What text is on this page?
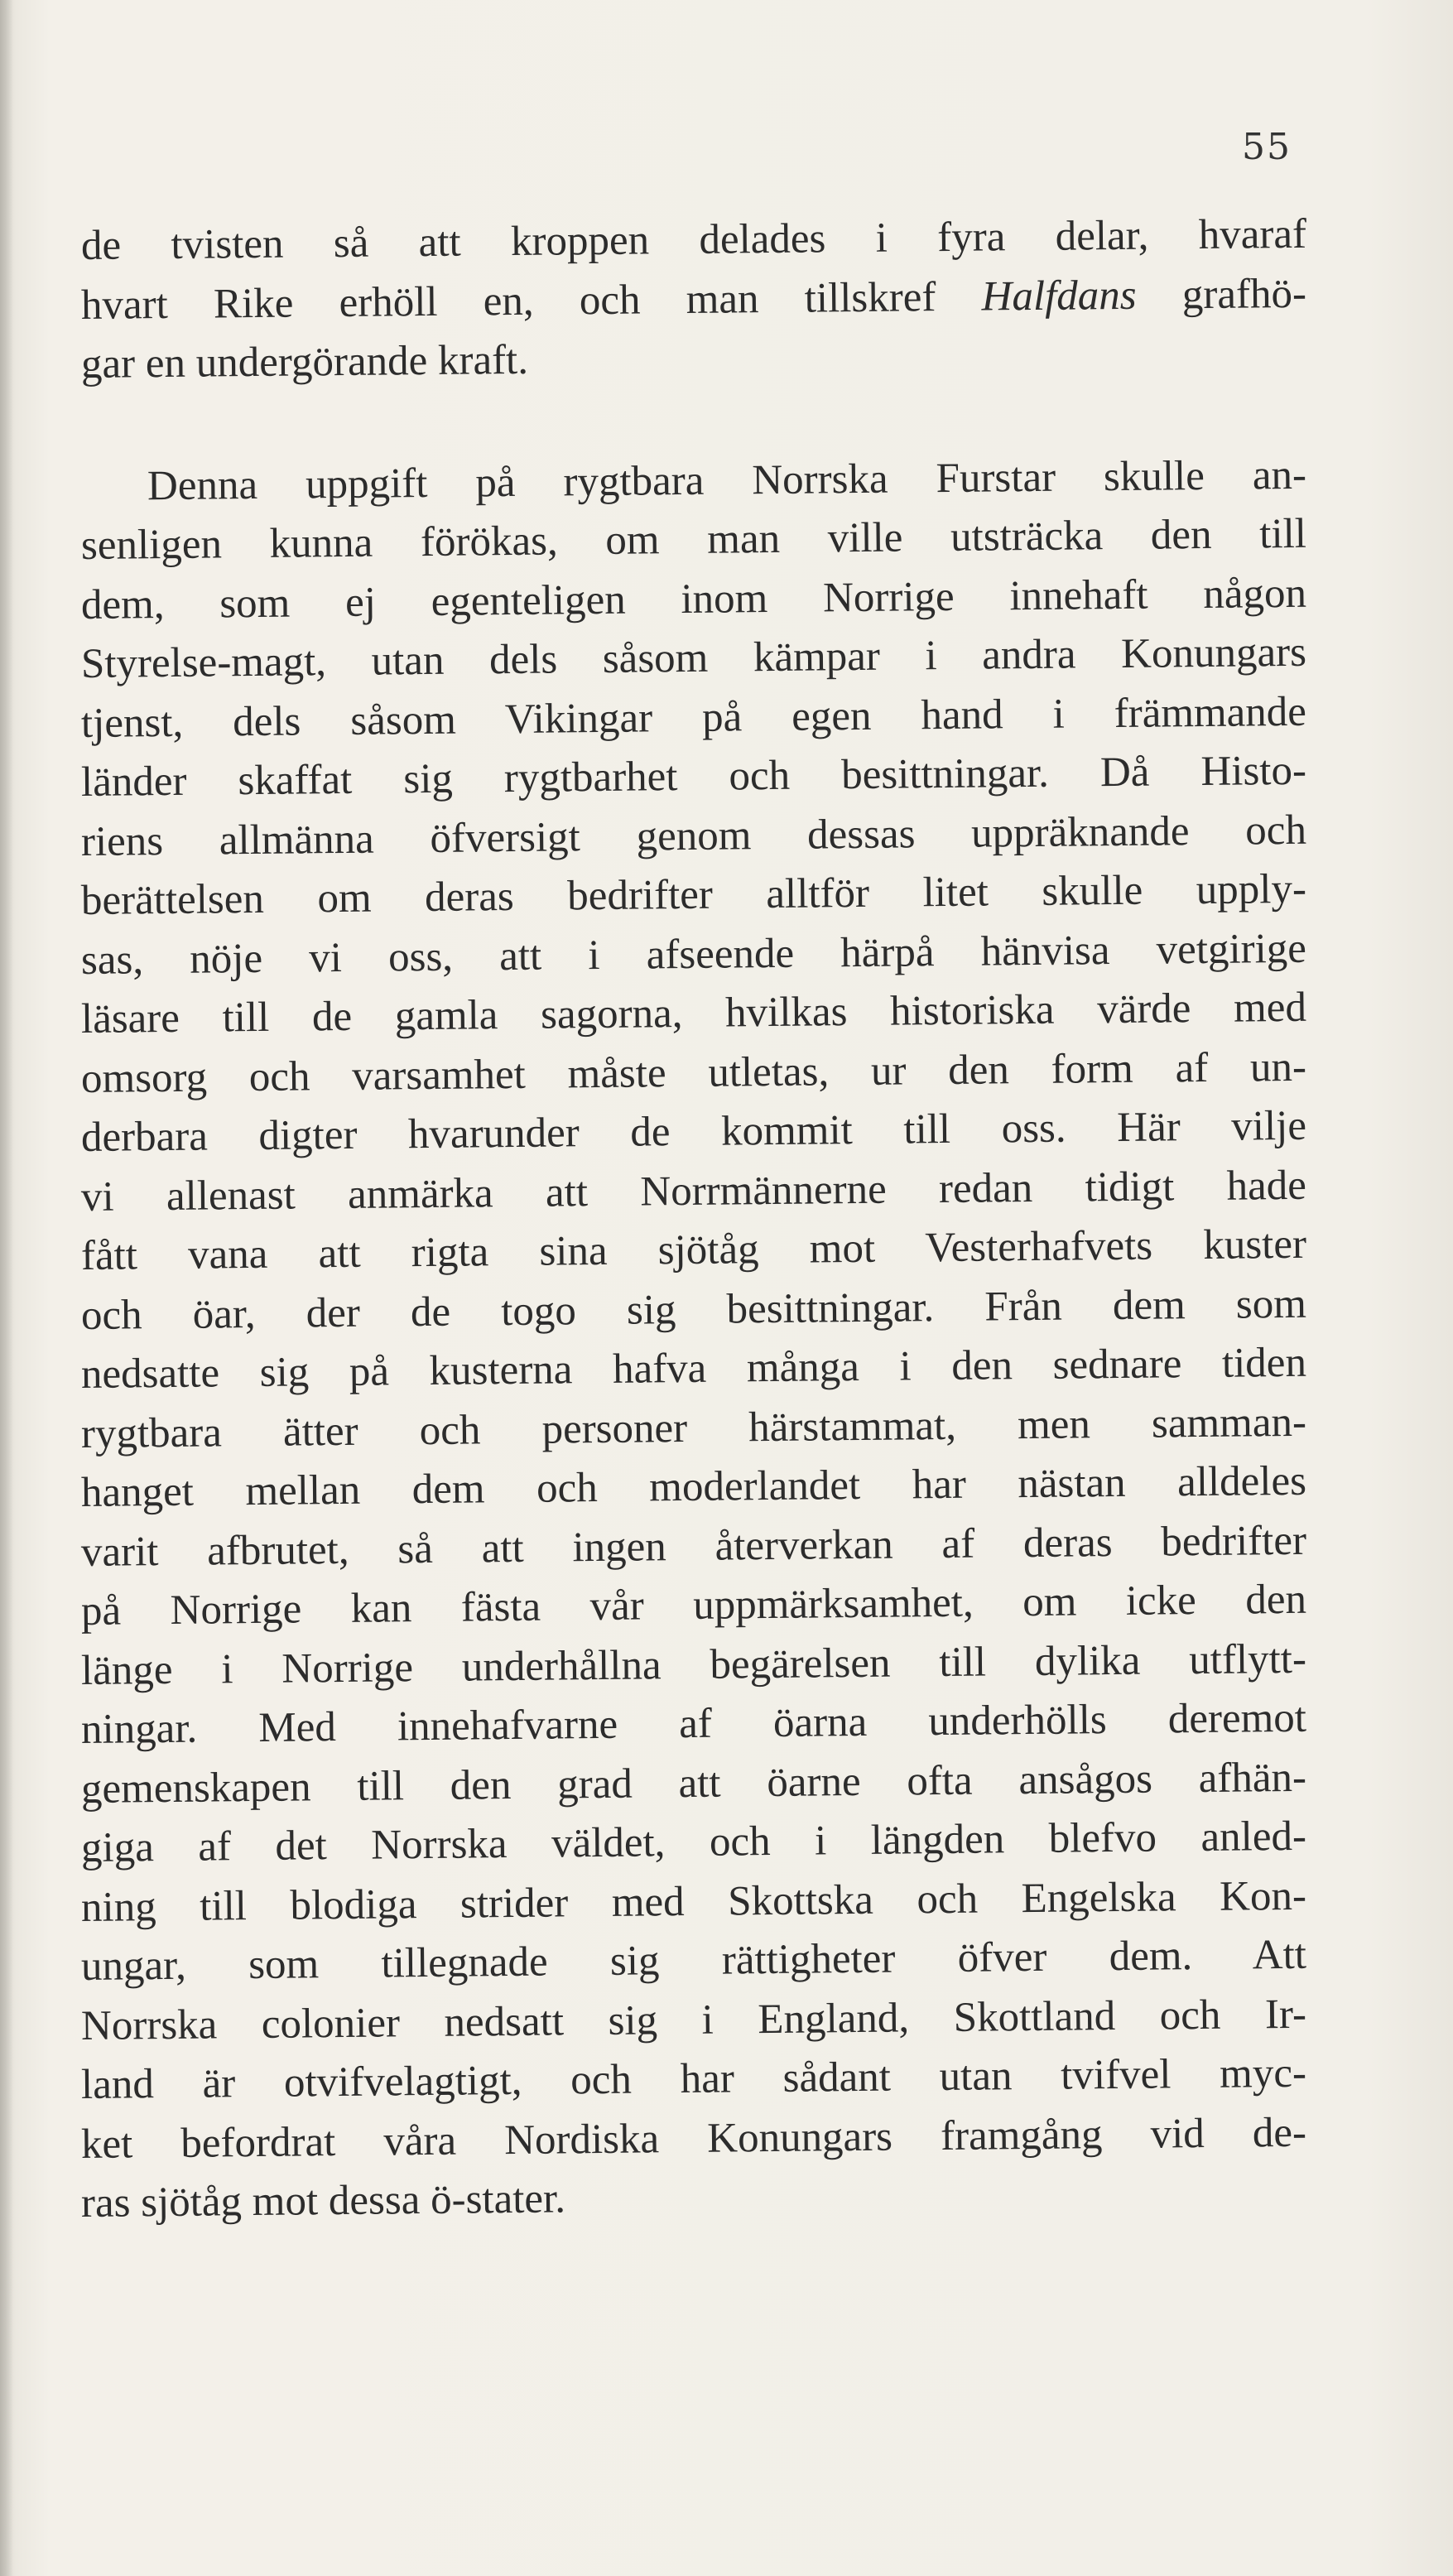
55
de tvisten så att kroppen delades i fyra delar, hvaraf
hvart Rike erhöll en, och man tillskref Halfdans grafhö-
gar en undergörande kraft.
Denna uppgift på rygtbara Norrska Furstar skulle an-
senligen kunna förökas, om man ville utsträcka den till
dem, som ej egenteligen inom Norrige innehaft någon
Styrelse-magt, utan dels såsom kämpar i andra Konungars
tjenst, dels såsom Vikingar på egen hand i främmande
länder skaffat sig rygtbarhet och besittningar. Då Histo-
riens allmänna öfversigt genom dessas uppräknande och
berättelsen om deras bedrifter alltför litet skulle upply-
sas, nöje vi oss, att i afseende härpå hänvisa vetgirige
läsare till de gamla sagorna, hvilkas historiska värde med
omsorg och varsamhet måste utletas, ur den form af un-
derbara digter hvarunder de kommit till oss. Här vilje
vi allenast anmärka att Norrmännerne redan tidigt hade
fått vana att rigta sina sjötåg mot Vesterhafvets kuster
och öar, der de togo sig besittningar. Från dem som
nedsatte sig på kusterna hafva många i den sednare tiden
rygtbara ätter och personer härstammat, men samman-
hanget mellan dem och moderlandet har nästan alldeles
varit afbrutet, så att ingen återverkan af deras bedrifter
på Norrige kan fästa vår uppmärksamhet, om icke den
länge i Norrige underhållna begärelsen till dylika utflytt-
ningar. Med innehafvarne af öarna underhölls deremot
gemenskapen till den grad att öarne ofta ansågos afhän-
giga af det Norrska väldet, och i längden blefvo anled-
ning till blodiga strider med Skottska och Engelska Kon-
ungar, som tillegnade sig rättigheter öfver dem. Att
Norrska colonier nedsatt sig i England, Skottland och Ir-
land är otvifvelagtigt, och har sådant utan tvifvel myc-
ket befordrat våra Nordiska Konungars framgång vid de-
ras sjötåg mot dessa ö-stater.
